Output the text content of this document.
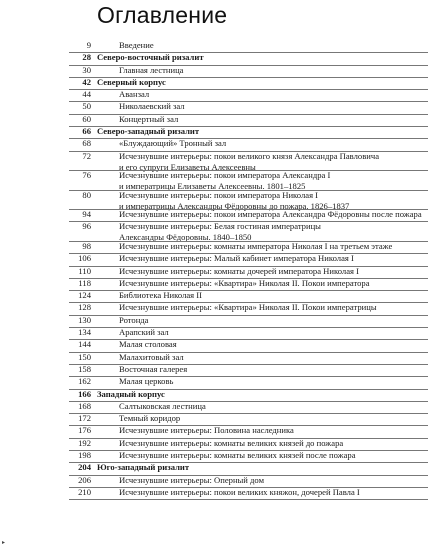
Оглавление
9	Введение
28 Северо-восточный ризалит
30	Главная лестница
42 Северный корпус
44	Аванзал
50	Николаевский зал
60	Концертный зал
66 Северо-западный ризалит
68	«Блуждающий» Тронный зал
72	Исчезнувшие интерьеры: покои великого князя Александра Павловича
и его супруги Елизаветы Алексеевны
76	Исчезнувшие интерьеры: покои императора Александра I
и императрицы Елизаветы Алексеевны. 1801–1825
80	Исчезнувшие интерьеры: покои императора Николая I
и императрицы Александры Фёдоровны до пожара. 1826–1837
94	Исчезнувшие интерьеры: покои императора Александра Фёдоровны после пожара
96	Исчезнувшие интерьеры: Белая гостиная императрицы
Александры Фёдоровны. 1840–1850
98	Исчезнувшие интерьеры: комнаты императора Николая I на третьем этаже
106	Исчезнувшие интерьеры: Малый кабинет императора Николая I
110	Исчезнувшие интерьеры: комнаты дочерей императора Николая I
118	Исчезнувшие интерьеры: «Квартира» Николая II. Покои императора
124	Библиотека Николая II
128	Исчезнувшие интерьеры: «Квартира» Николая II. Покои императрицы
130	Ротонда
134	Арапский зал
144	Малая столовая
150	Малахитовый зал
158	Восточная галерея
162	Малая церковь
166 Западный корпус
168	Салтыковская лестница
172	Темный коридор
176	Исчезнувшие интерьеры: Половина наследника
192	Исчезнувшие интерьеры: комнаты великих князей до пожара
198	Исчезнувшие интерьеры: комнаты великих князей после пожара
204 Юго-западный ризалит
206	Исчезнувшие интерьеры: Оперный дом
210	Исчезнувшие интерьеры: покои великих княжон, дочерей Павла I
▸
